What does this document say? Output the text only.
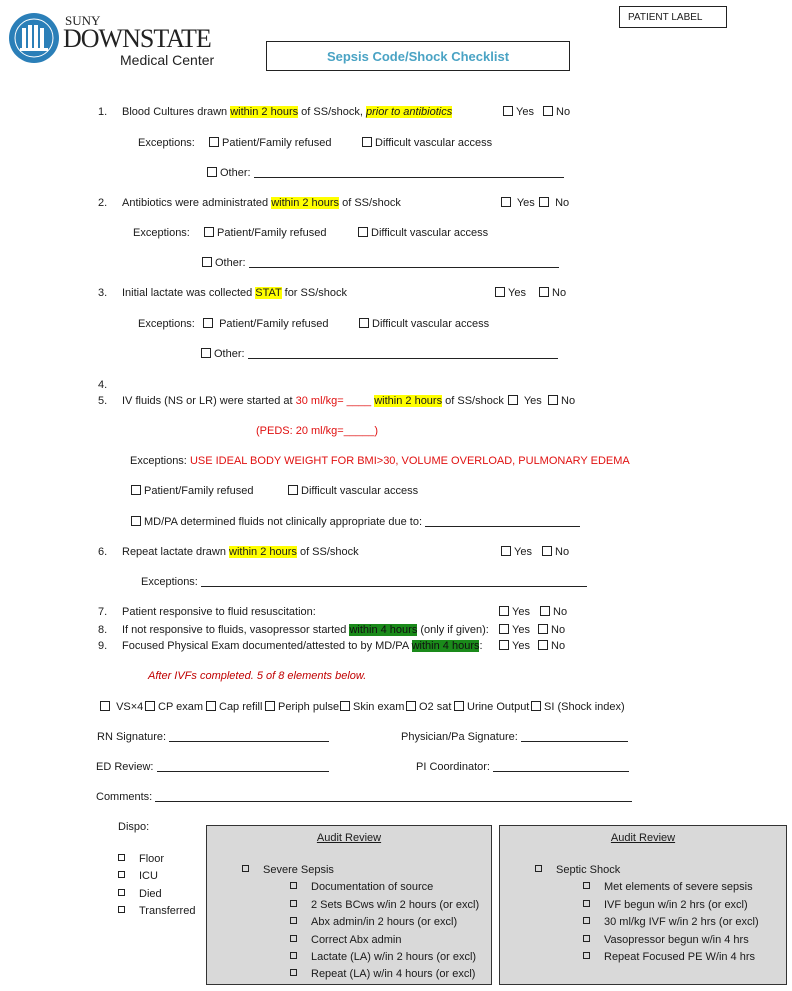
SUNY
DOWNSTATE
Medical Center
PATIENT LABEL
Sepsis Code/Shock Checklist
1. Blood Cultures drawn within 2 hours of SS/shock, prior to antibiotics	Yes	No
Exceptions:	Patient/Family refused	Difficult vascular access
Other:
2. Antibiotics were administrated within 2 hours of SS/shock	Yes	No
Exceptions:	Patient/Family refused	Difficult vascular access
Other:
3. Initial lactate was collected STAT for SS/shock	Yes	No
Exceptions:	Patient/Family refused	Difficult vascular access
Other:
4.
5. IV fluids (NS or LR) were started at 30 ml/kg= ____ within 2 hours of SS/shock	Yes	No
(PEDS: 20 ml/kg=_____)
Exceptions: USE IDEAL BODY WEIGHT FOR BMI>30, VOLUME OVERLOAD, PULMONARY EDEMA
Patient/Family refused	Difficult vascular access
MD/PA determined fluids not clinically appropriate due to:
6. Repeat lactate drawn within 2 hours of SS/shock	Yes	No
Exceptions:
7. Patient responsive to fluid resuscitation:	Yes	No
8. If not responsive to fluids, vasopressor started within 4 hours (only if given):	Yes	No
9. Focused Physical Exam documented/attested to by MD/PA within 4 hours:	Yes	No
After IVFs completed. 5 of 8 elements below.
VS×4	CP exam	Cap refill	Periph pulse	Skin exam	O2 sat	Urine Output	SI (Shock index)
RN Signature:	Physician/Pa Signature:
ED Review:	PI Coordinator:
Comments:
Dispo:
Floor
ICU
Died
Transferred
Audit Review
Severe Sepsis
Documentation of source
2 Sets BCws w/in 2 hours (or excl)
Abx admin/in 2 hours (or excl)
Correct Abx admin
Lactate (LA) w/in 2 hours (or excl)
Repeat (LA) w/in 4 hours (or excl)
Audit Review
Septic Shock
Met elements of severe sepsis
IVF begun w/in 2 hrs (or excl)
30 ml/kg IVF w/in 2 hrs (or excl)
Vasopressor begun w/in 4 hrs
Repeat Focused PE W/in 4 hrs
